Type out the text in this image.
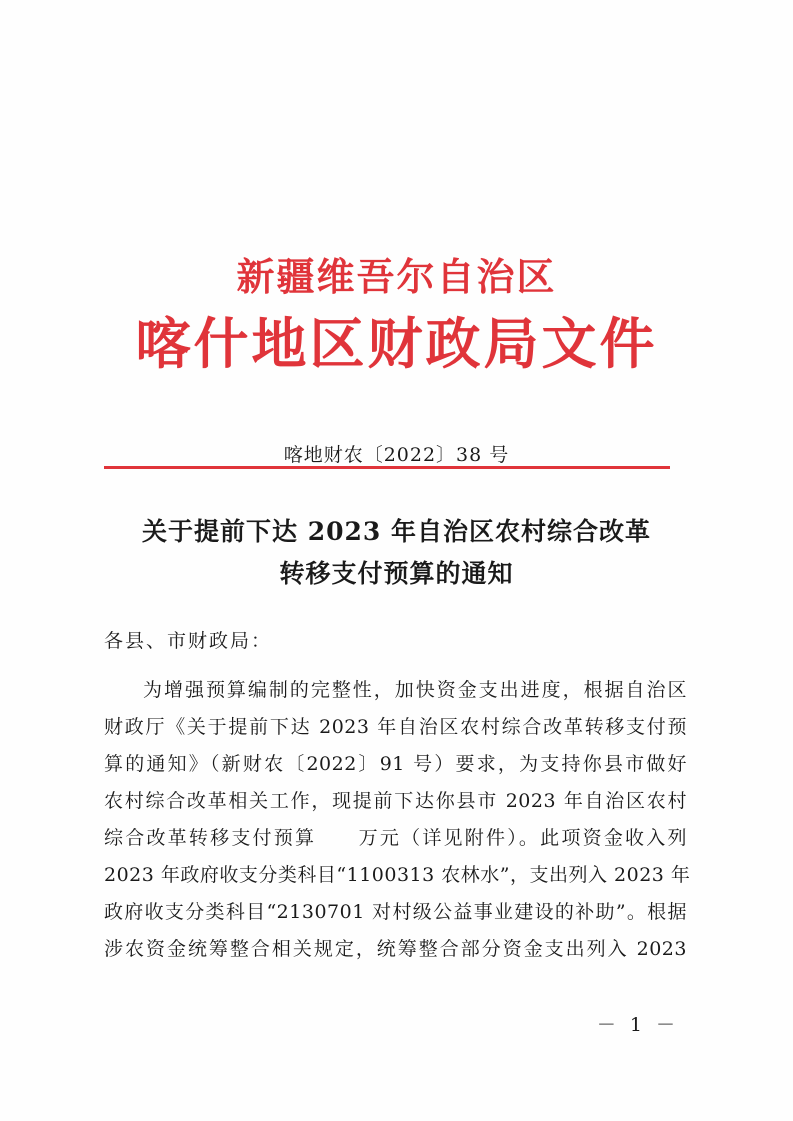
新疆维吾尔自治区
喀什地区财政局文件
喀地财农〔2022〕38 号
关于提前下达 2023 年自治区农村综合改革
转移支付预算的通知
各县、市财政局：
为增强预算编制的完整性，加快资金支出进度，根据自治区
财政厅《关于提前下达 2023 年自治区农村综合改革转移支付预
算的通知》（新财农〔2022〕91 号）要求，为支持你县市做好
农村综合改革相关工作，现提前下达你县市 2023 年自治区农村
综合改革转移支付预算　　万元（详见附件）。此项资金收入列
2023 年政府收支分类科目“1100313 农林水”，支出列入 2023 年
政府收支分类科目“2130701 对村级公益事业建设的补助”。根据
涉农资金统筹整合相关规定，统筹整合部分资金支出列入 2023
－ 1 －
